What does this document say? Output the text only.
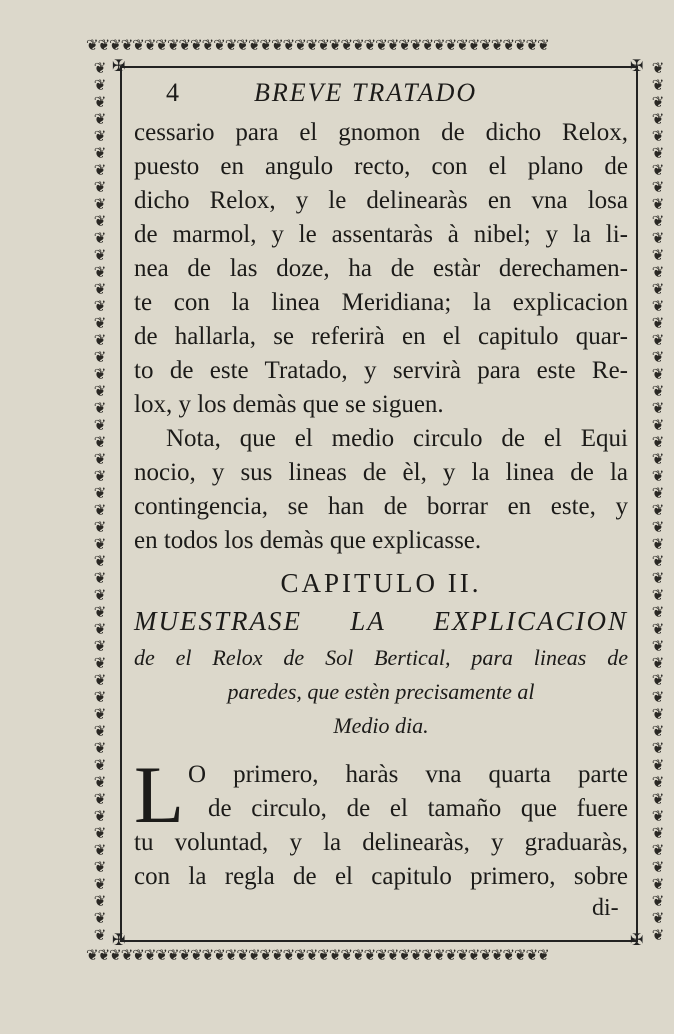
❦❦❦❦❦❦❦❦❦❦❦❦❦❦❦❦❦❦❦❦❦❦❦❦❦❦❦❦❦❦❦❦❦❦❦❦❦❦❦❦
❦❦❦❦❦❦❦❦❦❦❦❦❦❦❦❦❦❦❦❦❦❦❦❦❦❦❦❦❦❦❦❦❦❦❦❦❦❦❦❦
❦
❦
❦
❦
❦
❦
❦
❦
❦
❦
❦
❦
❦
❦
❦
❦
❦
❦
❦
❦
❦
❦
❦
❦
❦
❦
❦
❦
❦
❦
❦
❦
❦
❦
❦
❦
❦
❦
❦
❦
❦
❦
❦
❦
❦
❦
❦
❦
❦
❦
❦
❦
❦
❦
❦
❦
❦
❦
❦
❦
❦
❦
❦
❦
❦
❦
❦
❦
❦
❦
❦
❦
❦
❦
❦
❦
❦
❦
❦
❦
❦
❦
❦
❦
❦
❦
❦
❦
❦
❦
❦
❦
❦
❦
❦
❦
❦
❦
❦
❦
❦
❦
❦
❦
✠	✠
✠	✠
4	BREVE TRATADO
cessario para el gnomon de dicho Relox,
puesto en angulo recto, con el plano de
dicho Relox, y le delinearàs en vna losa
de marmol, y le assentaràs à nibel; y la li-
nea de las doze, ha de estàr derechamen-
te con la linea Meridiana; la explicacion
de hallarla, se referirà en el capitulo quar-
to de este Tratado, y servirà para este Re-
lox, y los demàs que se siguen.
Nota, que el medio circulo de el Equi
nocio, y sus lineas de èl, y la linea de la
contingencia, se han de borrar en este, y
en todos los demàs que explicasse.
CAPITULO II.
MUESTRASE LA EXPLICACION
de el Relox de Sol Bertical, para lineas de
paredes, que estèn precisamente al
Medio dia.
L O primero, haràs vna quarta parte
de circulo, de el tamaño que fuere
tu voluntad, y la delinearàs, y graduaràs,
con la regla de el capitulo primero, sobre
di-
